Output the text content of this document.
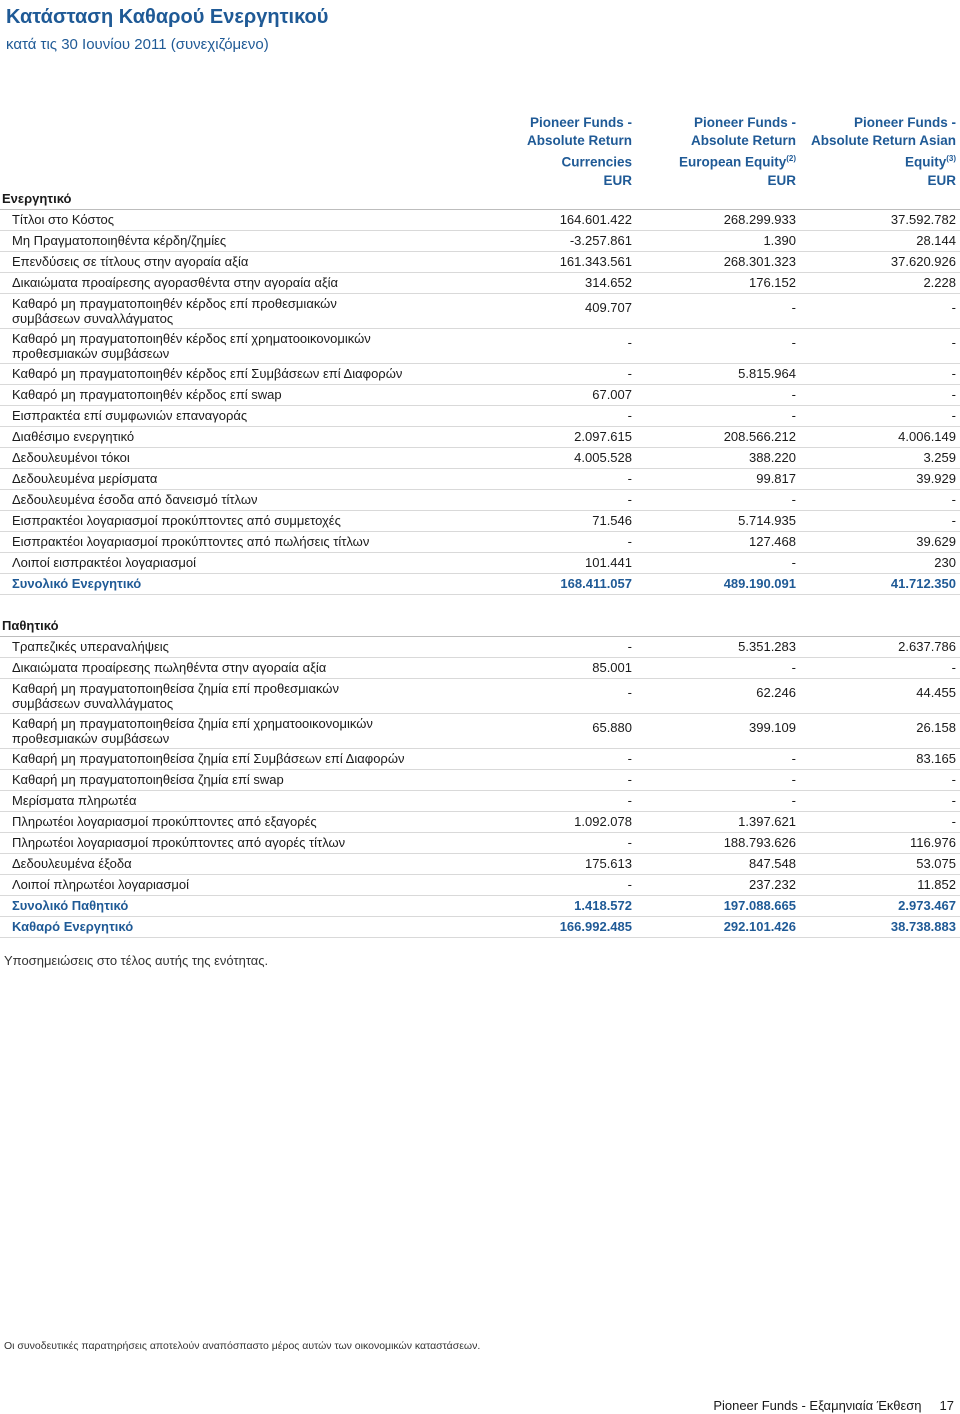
Κατάσταση Καθαρού Ενεργητικού
κατά τις 30 Ιουνίου 2011 (συνεχιζόμενο)
Pioneer Funds -
Absolute Return
Currencies
EUR
Pioneer Funds -
Absolute Return
European Equity$^{(2)}$
EUR
Pioneer Funds -
Absolute Return Asian
Equity$^{(3)}$
EUR
Ενεργητικό
Τίτλοι στο Κόστος	164.601.422	268.299.933	37.592.782
Μη Πραγματοποιηθέντα κέρδη/ζημίες	-3.257.861	1.390	28.144
Επενδύσεις σε τίτλους στην αγοραία αξία	161.343.561	268.301.323	37.620.926
Δικαιώματα προαίρεσης αγορασθέντα στην αγοραία αξία	314.652	176.152	2.228
Καθαρό μη πραγματοποιηθέν κέρδος επί προθεσμιακών συμβάσεων συναλλάγματος
409.707	-	-
Καθαρό μη πραγματοποιηθέν κέρδος επί χρηματοοικονομικών προθεσμιακών συμβάσεων
-	-	-
Καθαρό μη πραγματοποιηθέν κέρδος επί Συμβάσεων επί Διαφορών	-	5.815.964	-
Καθαρό μη πραγματοποιηθέν κέρδος επί swap	67.007	-	-
Εισπρακτέα επί συμφωνιών επαναγοράς	-	-	-
Διαθέσιμο ενεργητικό	2.097.615	208.566.212	4.006.149
Δεδουλευμένοι τόκοι	4.005.528	388.220	3.259
Δεδουλευμένα μερίσματα	-	99.817	39.929
Δεδουλευμένα έσοδα από δανεισμό τίτλων	-	-	-
Εισπρακτέοι λογαριασμοί προκύπτοντες από συμμετοχές	71.546	5.714.935	-
Εισπρακτέοι λογαριασμοί προκύπτοντες από πωλήσεις τίτλων	-	127.468	39.629
Λοιποί εισπρακτέοι λογαριασμοί	101.441	-	230
Συνολικό Ενεργητικό	168.411.057	489.190.091	41.712.350
Παθητικό
Τραπεζικές υπεραναλήψεις	-	5.351.283	2.637.786
Δικαιώματα προαίρεσης πωληθέντα στην αγοραία αξία	85.001	-	-
Καθαρή μη πραγματοποιηθείσα ζημία επί προθεσμιακών συμβάσεων συναλλάγματος
-	62.246	44.455
Καθαρή μη πραγματοποιηθείσα ζημία επί χρηματοοικονομικών προθεσμιακών συμβάσεων
65.880	399.109	26.158
Καθαρή μη πραγματοποιηθείσα ζημία επί Συμβάσεων επί Διαφορών	-	-	83.165
Καθαρή μη πραγματοποιηθείσα ζημία επί swap	-	-	-
Μερίσματα πληρωτέα	-	-	-
Πληρωτέοι λογαριασμοί προκύπτοντες από εξαγορές	1.092.078	1.397.621	-
Πληρωτέοι λογαριασμοί προκύπτοντες από αγορές τίτλων	-	188.793.626	116.976
Δεδουλευμένα έξοδα	175.613	847.548	53.075
Λοιποί πληρωτέοι λογαριασμοί	-	237.232	11.852
Συνολικό Παθητικό	1.418.572	197.088.665	2.973.467
Καθαρό Ενεργητικό	166.992.485	292.101.426	38.738.883
Υποσημειώσεις στο τέλος αυτής της ενότητας.
Οι συνοδευτικές παρατηρήσεις αποτελούν αναπόσπαστο μέρος αυτών των οικονομικών καταστάσεων.
Pioneer Funds - Εξαμηνιαία Έκθεση 17
